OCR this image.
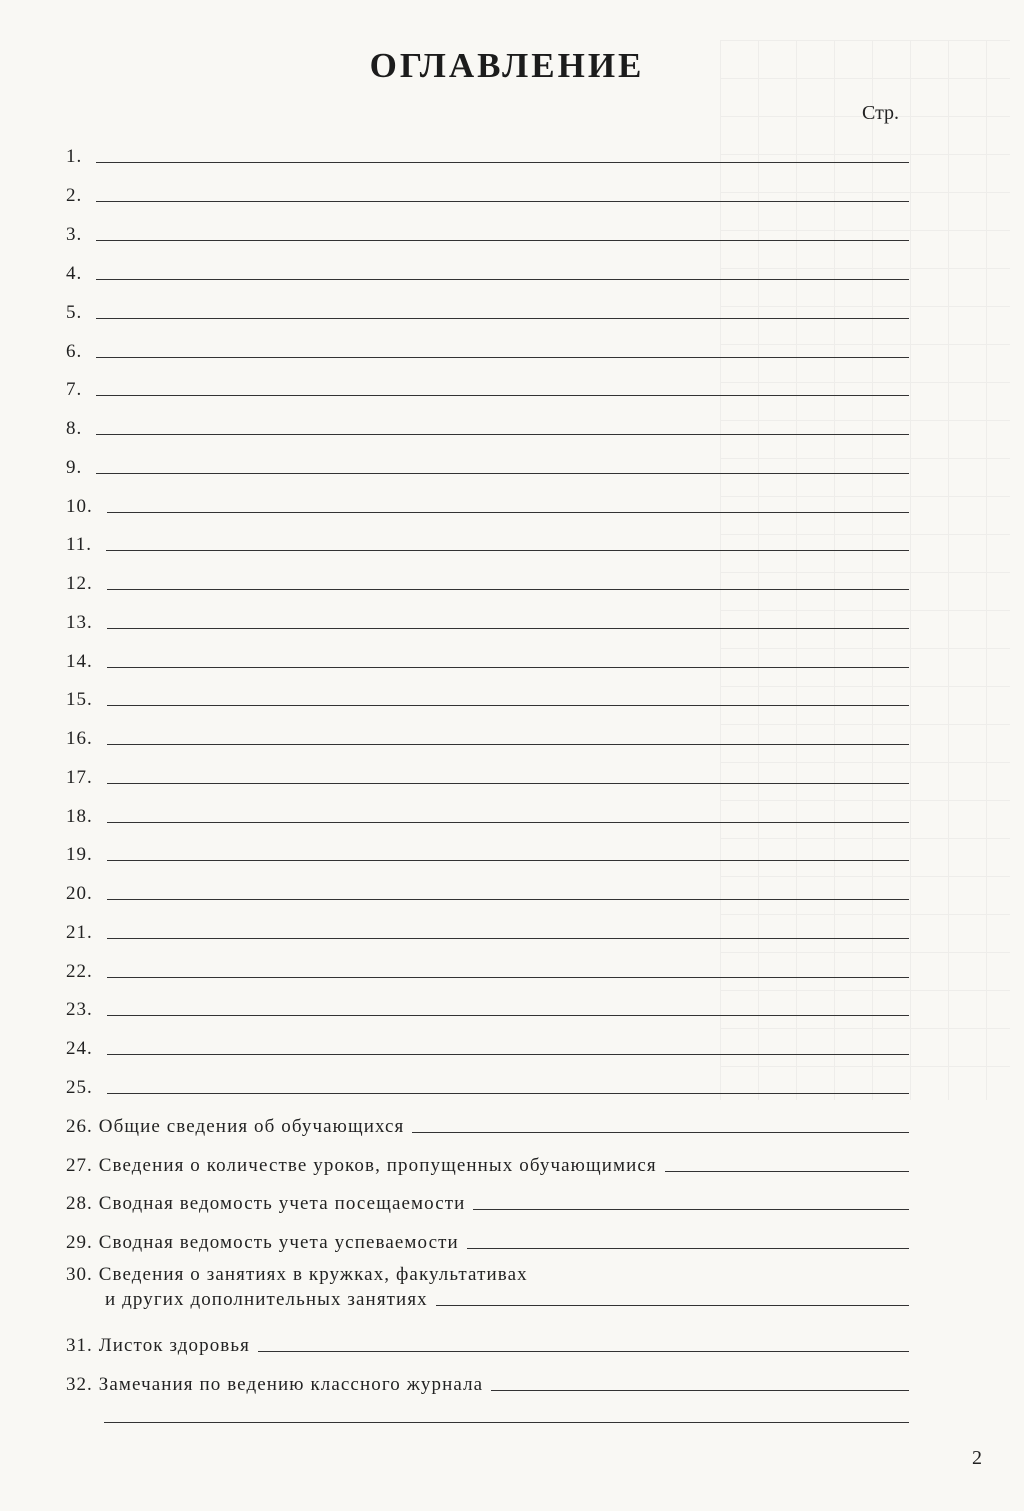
ОГЛАВЛЕНИЕ
Стр.
1.
2.
3.
4.
5.
6.
7.
8.
9.
10.
11.
12.
13.
14.
15.
16.
17.
18.
19.
20.
21.
22.
23.
24.
25.
26. Общие сведения об обучающихся
27. Сведения о количестве уроков, пропущенных обучающимися
28. Сводная ведомость учета посещаемости
29. Сводная ведомость учета успеваемости
30. Сведения о занятиях в кружках, факультативах
и других дополнительных занятиях
31. Листок здоровья
32. Замечания по ведению классного журнала
2
